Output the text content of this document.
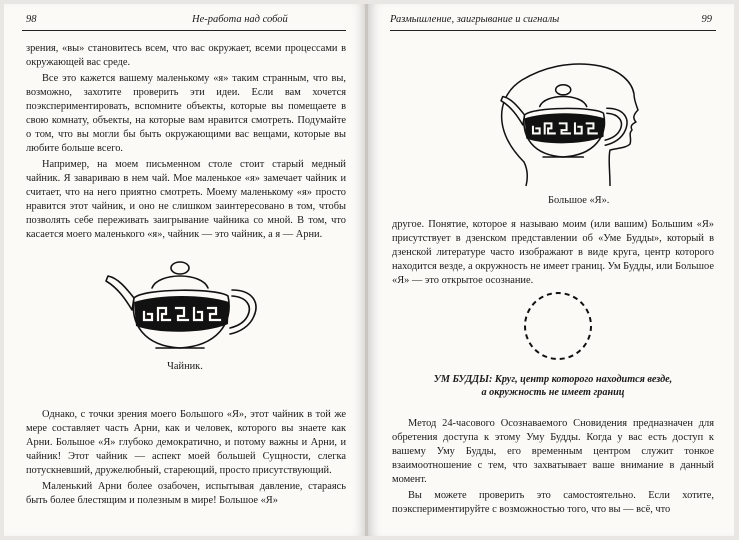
98	Не-работа над собой

зрения, «вы» становитесь всем, что вас окружает, всеми процессами в окружающей вас среде.

Все это кажется вашему маленькому «я» таким странным, что вы, возможно, захотите проверить эти идеи. Если вам хочется поэкспериментировать, вспомните объекты, которые вы помещаете в свою комнату, объекты, на которые вам нравится смотреть. Подумайте о том, что вы могли бы быть окружающими вас вещами, которые вы любите больше всего.

Например, на моем письменном столе стоит старый медный чайник. Я завариваю в нем чай. Мое маленькое «я» замечает чайник и считает, что на него приятно смотреть. Моему маленькому «я» просто нравится этот чайник, и оно не слишком заинтересовано в том, чтобы позволять себе переживать заигрывание чайника со мной. В том, что касается моего маленького «я», чайник — это чайник, а я — Арни.

Чайник.

Однако, с точки зрения моего Большого «Я», этот чайник в той же мере составляет часть Арни, как и человек, которого вы знаете как Арни. Большое «Я» глубоко демократично, и потому важны и Арни, и чайник! Этот чайник — аспект моей большей Сущности, слегка потускневший, дружелюбный, стареющий, просто присутствующий.

Маленький Арни более озабочен, испытывая давление, стараясь быть более блестящим и полезным в мире! Большое «Я»

Размышление, заигрывание и сигналы	99
Большое «Я».

другое. Понятие, которое я называю моим (или вашим) Большим «Я» присутствует в дзенском представлении об «Уме Будды», который в дзенской литературе часто изображают в виде круга, центр которого находится везде, а окружность не имеет границ. Ум Будды, или Большое «Я» — это открытое осознание.

УМ БУДДЫ: Круг, центр которого находится везде,
а окружность не имеет границ

Метод 24-часового Осознаваемого Сновидения предназначен для обретения доступа к этому Уму Будды. Когда у вас есть доступ к вашему Уму Будды, его временным центром служит тонкое взаимоотношение с тем, что захватывает ваше внимание в данный момент.

Вы можете проверить это самостоятельно. Если хотите, поэкспериментируйте с возможностью того, что вы — всё, что
